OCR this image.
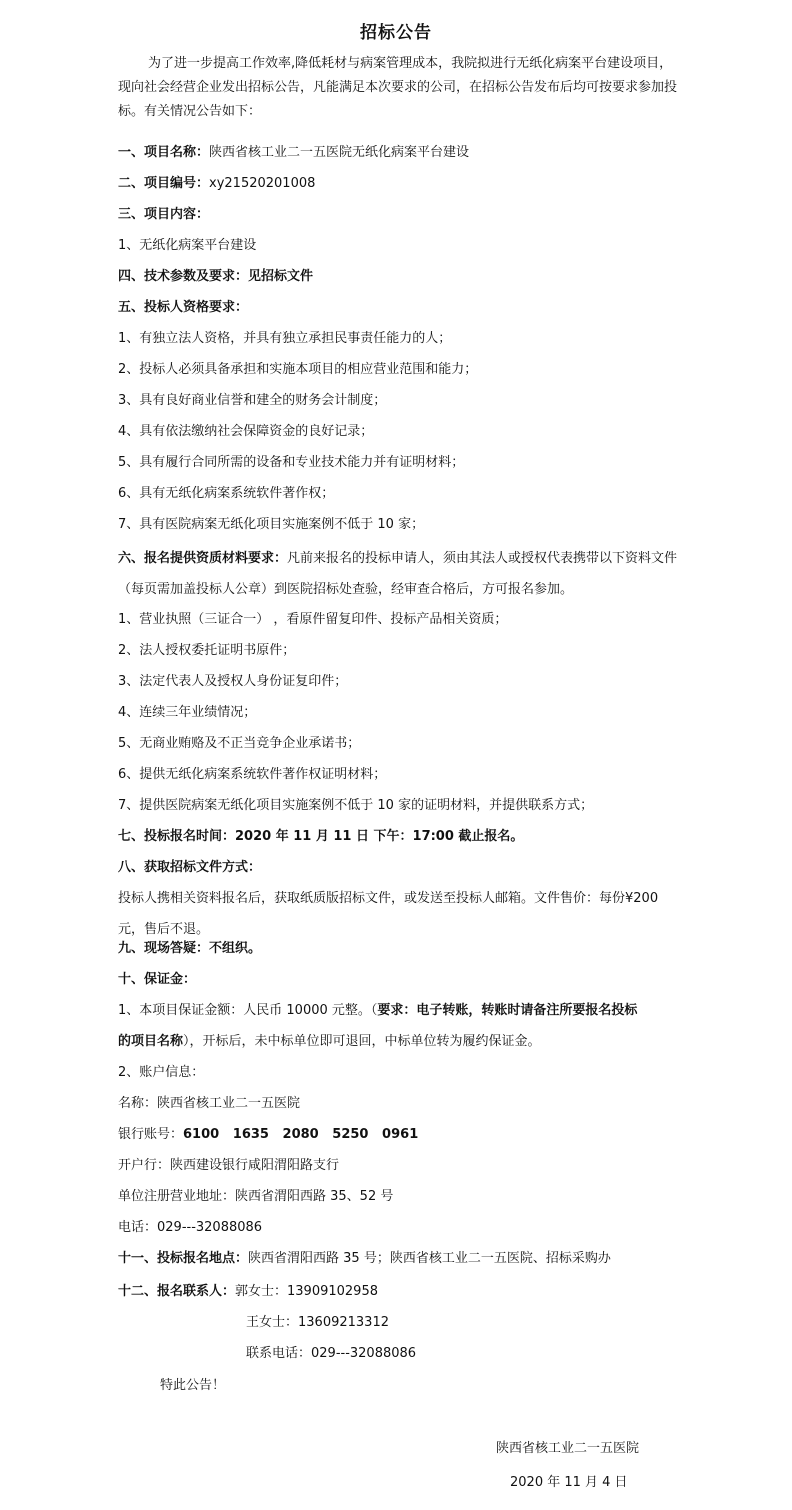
招标公告
为了进一步提高工作效率,降低耗材与病案管理成本，我院拟进行无纸化病案平台建设项目，现向社会经营企业发出招标公告，凡能满足本次要求的公司，在招标公告发布后均可按要求参加投标。有关情况公告如下：
一、项目名称：陕西省核工业二一五医院无纸化病案平台建设
二、项目编号：xy21520201008
三、项目内容：
1、无纸化病案平台建设
四、技术参数及要求：见招标文件
五、投标人资格要求：
1、有独立法人资格，并具有独立承担民事责任能力的人；
2、投标人必须具备承担和实施本项目的相应营业范围和能力；
3、具有良好商业信誉和建全的财务会计制度；
4、具有依法缴纳社会保障资金的良好记录；
5、具有履行合同所需的设备和专业技术能力并有证明材料；
6、具有无纸化病案系统软件著作权；
7、具有医院病案无纸化项目实施案例不低于 10 家；
六、报名提供资质材料要求：凡前来报名的投标申请人，须由其法人或授权代表携带以下资料文件（每页需加盖投标人公章）到医院招标处查验，经审查合格后，方可报名参加。
1、营业执照（三证合一） ，看原件留复印件、投标产品相关资质；
2、法人授权委托证明书原件；
3、法定代表人及授权人身份证复印件；
4、连续三年业绩情况；
5、无商业贿赂及不正当竞争企业承诺书；
6、提供无纸化病案系统软件著作权证明材料；
7、提供医院病案无纸化项目实施案例不低于 10 家的证明材料，并提供联系方式；
七、投标报名时间：2020 年 11 月 11 日 下午：17:00 截止报名。
八、获取招标文件方式：
投标人携相关资料报名后，获取纸质版招标文件，或发送至投标人邮箱。文件售价：每份¥200
元，售后不退。
九、现场答疑：不组织。
十、保证金：
1、本项目保证金额：人民币 10000 元整。（要求：电子转账，转账时请备注所要报名投标
的项目名称），开标后，未中标单位即可退回，中标单位转为履约保证金。
2、账户信息：
名称：陕西省核工业二一五医院
银行账号：6100   1635   2080   5250   0961
开户行：陕西建设银行咸阳渭阳路支行
单位注册营业地址：陕西省渭阳西路 35、52 号
电话：029---32088086
十一、投标报名地点：陕西省渭阳西路 35 号；陕西省核工业二一五医院、招标采购办
十二、报名联系人：郭女士：13909102958
王女士：13609213312
联系电话：029---32088086
特此公告！
陕西省核工业二一五医院
2020 年 11 月 4 日
